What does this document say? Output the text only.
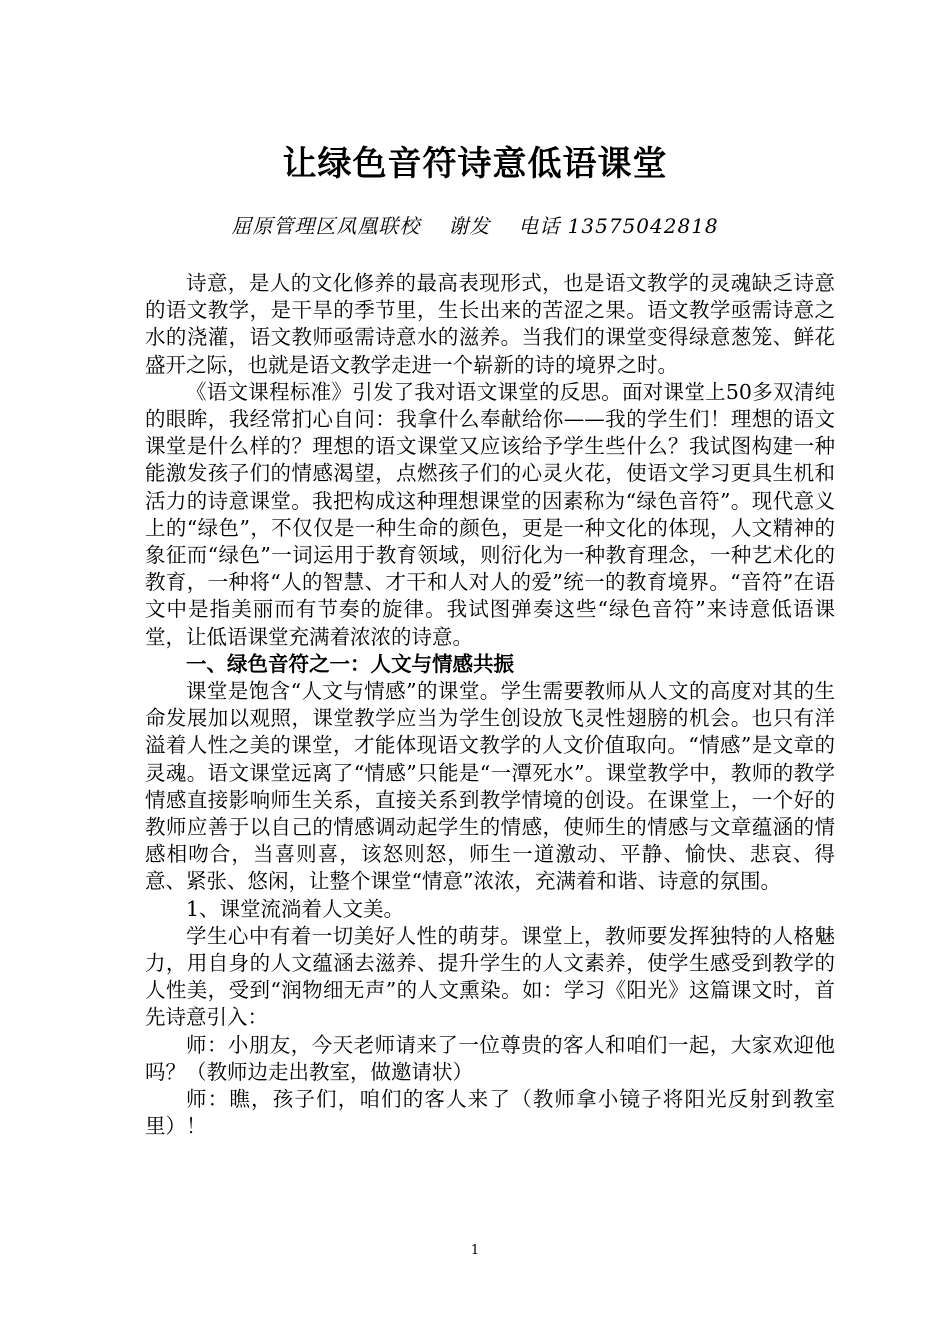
让绿色音符诗意低语课堂
屈原管理区凤凰联校 谢发 电话 13575042818

诗意，是人的文化修养的最高表现形式，也是语文教学的灵魂缺乏诗意的语文教学，是干旱的季节里，生长出来的苦涩之果。语文教学亟需诗意之水的浇灌，语文教师亟需诗意水的滋养。当我们的课堂变得绿意葱笼、鲜花盛开之际，也就是语文教学走进一个崭新的诗的境界之时。

《语文课程标准》引发了我对语文课堂的反思。面对课堂上50多双清纯的眼眸，我经常扪心自问：我拿什么奉献给你——我的学生们！理想的语文课堂是什么样的？理想的语文课堂又应该给予学生些什么？我试图构建一种能激发孩子们的情感渴望，点燃孩子们的心灵火花，使语文学习更具生机和活力的诗意课堂。我把构成这种理想课堂的因素称为“绿色音符”。现代意义上的“绿色”，不仅仅是一种生命的颜色，更是一种文化的体现，人文精神的象征而“绿色”一词运用于教育领域，则衍化为一种教育理念，一种艺术化的教育，一种将“人的智慧、才干和人对人的爱”统一的教育境界。“音符”在语文中是指美丽而有节奏的旋律。我试图弹奏这些“绿色音符”来诗意低语课堂，让低语课堂充满着浓浓的诗意。

一、绿色音符之一：人文与情感共振

课堂是饱含“人文与情感”的课堂。学生需要教师从人文的高度对其的生命发展加以观照，课堂教学应当为学生创设放飞灵性翅膀的机会。也只有洋溢着人性之美的课堂，才能体现语文教学的人文价值取向。“情感”是文章的灵魂。语文课堂远离了“情感”只能是“一潭死水”。课堂教学中，教师的教学情感直接影响师生关系，直接关系到教学情境的创设。在课堂上，一个好的教师应善于以自己的情感调动起学生的情感，使师生的情感与文章蕴涵的情感相吻合，当喜则喜，该怒则怒，师生一道激动、平静、愉快、悲哀、得意、紧张、悠闲，让整个课堂“情意”浓浓，充满着和谐、诗意的氛围。

1、课堂流淌着人文美。

学生心中有着一切美好人性的萌芽。课堂上，教师要发挥独特的人格魅力，用自身的人文蕴涵去滋养、提升学生的人文素养，使学生感受到教学的人性美，受到“润物细无声”的人文熏染。如：学习《阳光》这篇课文时，首先诗意引入：

师：小朋友，今天老师请来了一位尊贵的客人和咱们一起，大家欢迎他吗？（教师边走出教室，做邀请状）

师：瞧，孩子们，咱们的客人来了（教师拿小镜子将阳光反射到教室里）！

1
